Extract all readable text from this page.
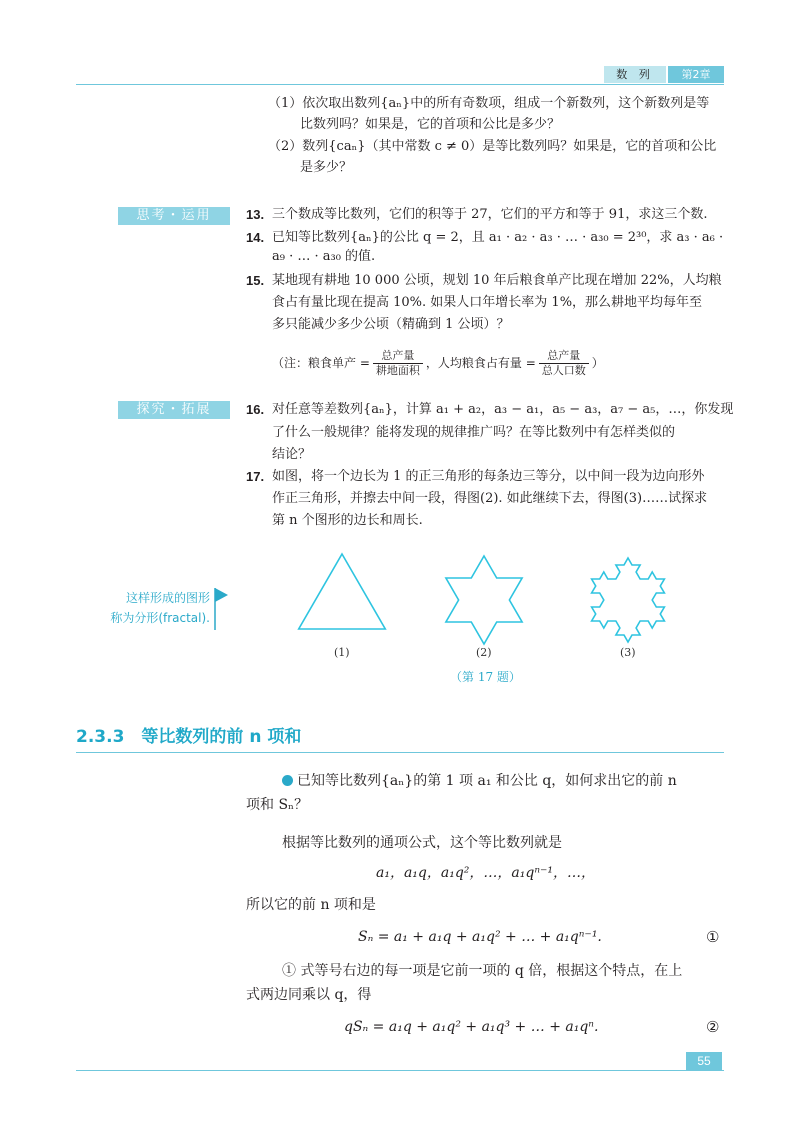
数 列	第2章
（1）依次取出数列{aₙ}中的所有奇数项，组成一个新数列，这个新数列是等
比数列吗？如果是，它的首项和公比是多少？
（2）数列{caₙ}（其中常数 c ≠ 0）是等比数列吗？如果是，它的首项和公比
是多少？
思考・运用	13. 三个数成等比数列，它们的积等于 27，它们的平方和等于 91，求这三个数.
14. 已知等比数列{aₙ}的公比 q = 2，且 a₁ · a₂ · a₃ · … · a₃₀ = 2³⁰，求 a₃ · a₆ ·
a₉ · … · a₃₀ 的值.
15. 某地现有耕地 10 000 公顷，规划 10 年后粮食单产比现在增加 22%，人均粮
食占有量比现在提高 10%. 如果人口年增长率为 1%，那么耕地平均每年至
多只能减少多少公顷（精确到 1 公顷）？
（注：粮食单产 = $\frac{\text{总产量}}{\text{耕地面积}}$ ，人均粮食占有量 = $\frac{\text{总产量}}{\text{总人口数}}$ ）
探究・拓展	16. 对任意等差数列{aₙ}，计算 a₁ + a₂，a₃ − a₁，a₅ − a₃，a₇ − a₅，…，你发现
了什么一般规律？能将发现的规律推广吗？在等比数列中有怎样类似的
结论？
17. 如图，将一个边长为 1 的正三角形的每条边三等分，以中间一段为边向形外
作正三角形，并擦去中间一段，得图(2). 如此继续下去，得图(3)……试探求
第 n 个图形的边长和周长.
这样形成的图形
称为分形(fractal).
(1)	(2)	(3)
（第 17 题）
2.3.3　等比数列的前 n 项和
已知等比数列{aₙ}的第 1 项 a₁ 和公比 q，如何求出它的前 n
项和 Sₙ？
根据等比数列的通项公式，这个等比数列就是
a₁，a₁q，a₁q²，…，a₁qⁿ⁻¹，…，
所以它的前 n 项和是
Sₙ = a₁ + a₁q + a₁q² + … + a₁qⁿ⁻¹.	①
① 式等号右边的每一项是它前一项的 q 倍，根据这个特点，在上
式两边同乘以 q，得
qSₙ = a₁q + a₁q² + a₁q³ + … + a₁qⁿ.	②
55
